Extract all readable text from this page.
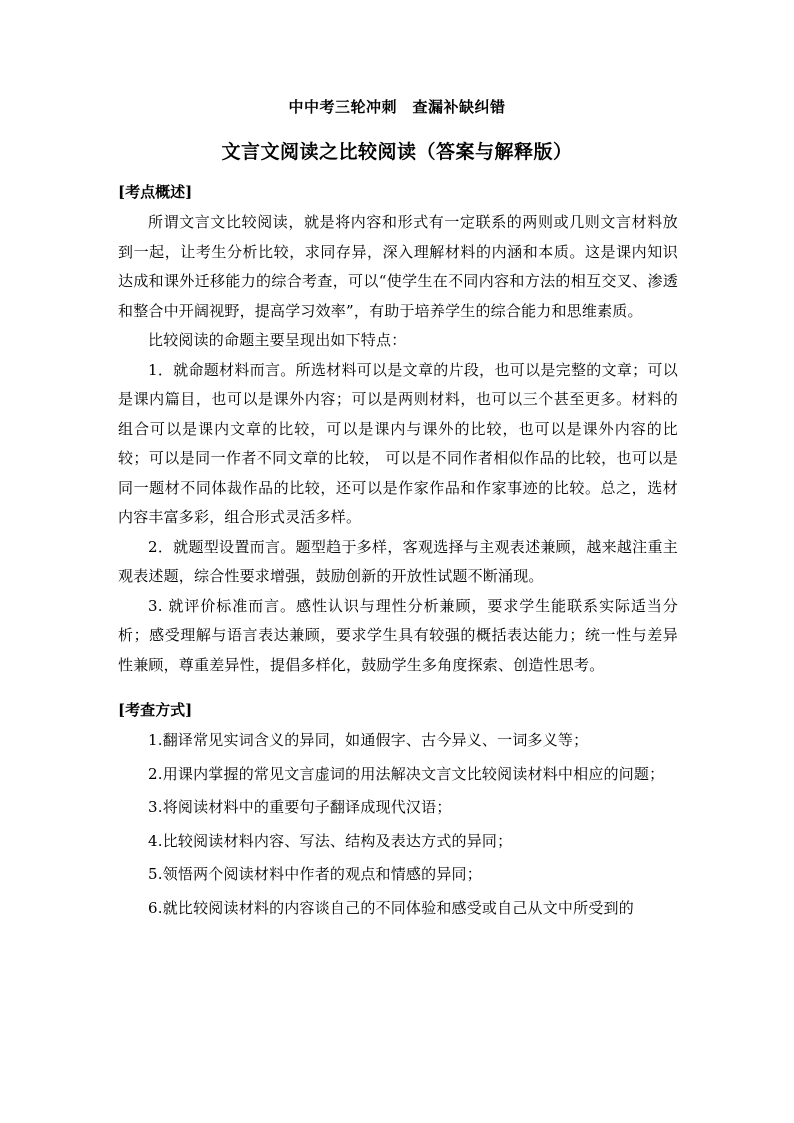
中中考三轮冲刺　查漏补缺纠错
文言文阅读之比较阅读（答案与解释版）

[考点概述]

所谓文言文比较阅读，就是将内容和形式有一定联系的两则或几则文言材料放到一起，让考生分析比较，求同存异，深入理解材料的内涵和本质。这是课内知识达成和课外迁移能力的综合考查，可以“使学生在不同内容和方法的相互交叉、渗透和整合中开阔视野，提高学习效率”，有助于培养学生的综合能力和思维素质。

比较阅读的命题主要呈现出如下特点：

1．就命题材料而言。所选材料可以是文章的片段，也可以是完整的文章；可以是课内篇目，也可以是课外内容；可以是两则材料，也可以三个甚至更多。材料的组合可以是课内文章的比较，可以是课内与课外的比较，也可以是课外内容的比较；可以是同一作者不同文章的比较， 可以是不同作者相似作品的比较，也可以是同一题材不同体裁作品的比较，还可以是作家作品和作家事迹的比较。总之，选材内容丰富多彩，组合形式灵活多样。

2．就题型设置而言。题型趋于多样，客观选择与主观表述兼顾，越来越注重主观表述题，综合性要求增强，鼓励创新的开放性试题不断涌现。

3. 就评价标准而言。感性认识与理性分析兼顾，要求学生能联系实际适当分析；感受理解与语言表达兼顾，要求学生具有较强的概括表达能力；统一性与差异性兼顾，尊重差异性，提倡多样化，鼓励学生多角度探索、创造性思考。

[考查方式]

1.翻译常见实词含义的异同，如通假字、古今异义、一词多义等；

2.用课内掌握的常见文言虚词的用法解决文言文比较阅读材料中相应的问题；

3.将阅读材料中的重要句子翻译成现代汉语；

4.比较阅读材料内容、写法、结构及表达方式的异同；

5.领悟两个阅读材料中作者的观点和情感的异同；

6.就比较阅读材料的内容谈自己的不同体验和感受或自己从文中所受到的
